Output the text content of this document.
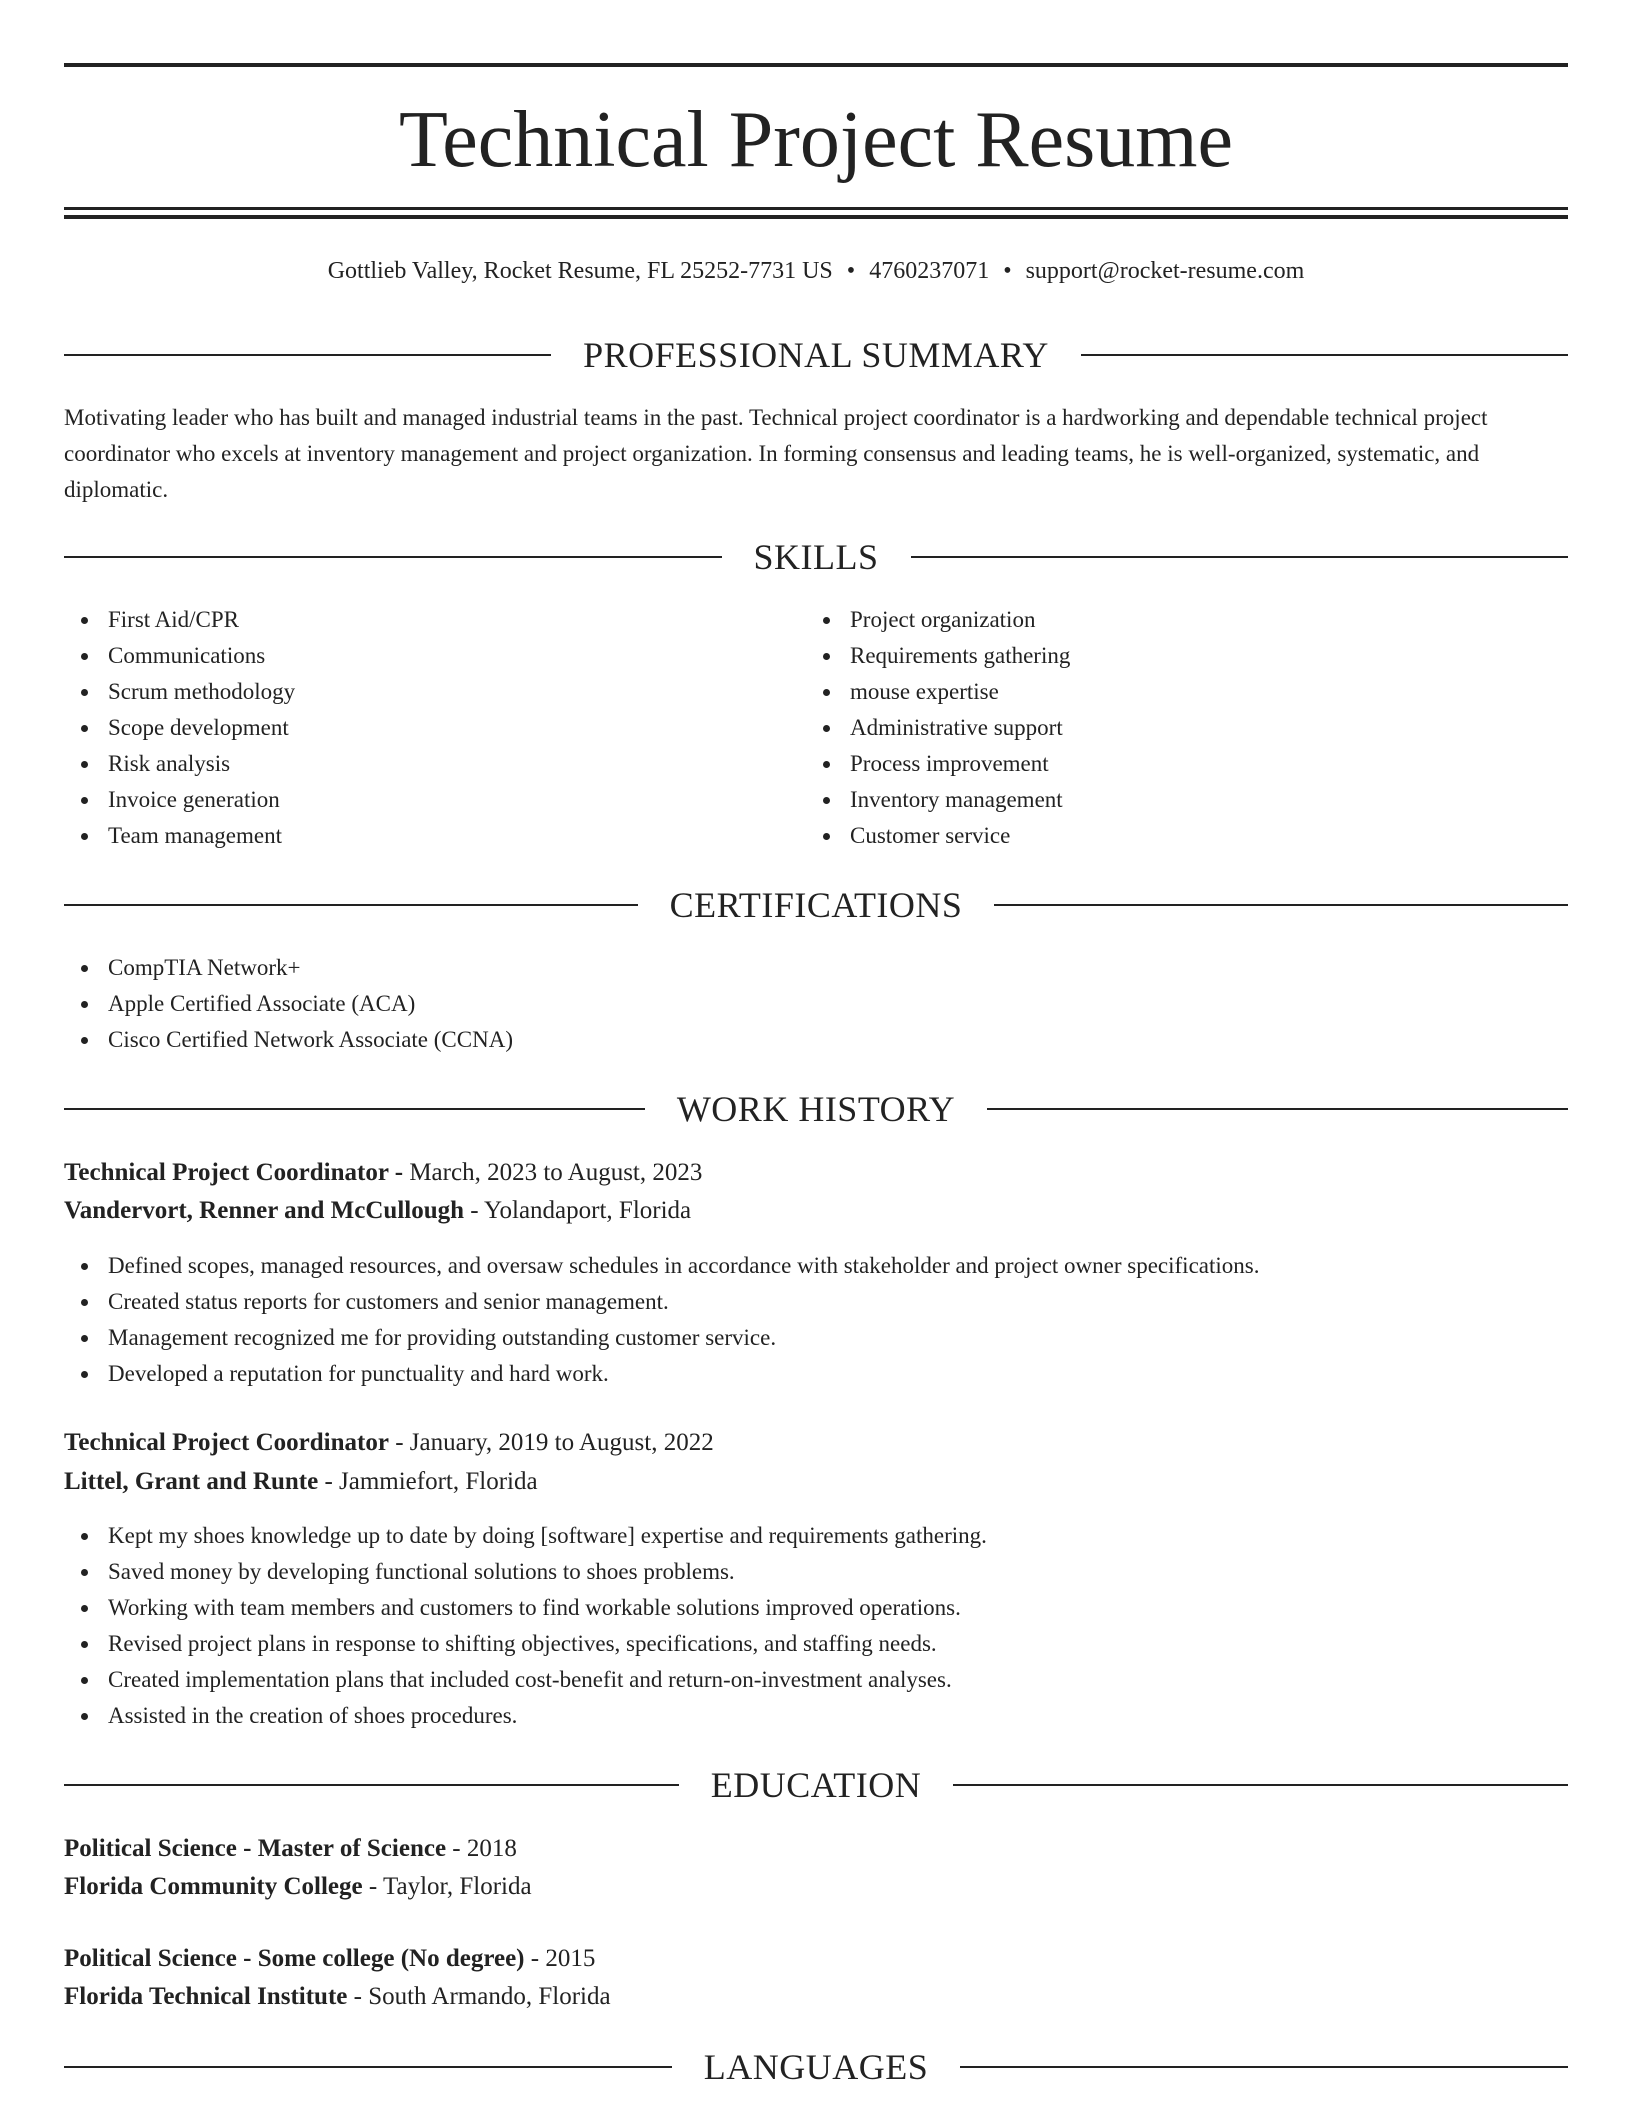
Technical Project Resume
Gottlieb Valley, Rocket Resume, FL 25252-7731 US • 4760237071 • support@rocket-resume.com
PROFESSIONAL SUMMARY

Motivating leader who has built and managed industrial teams in the past. Technical project coordinator is a hardworking and dependable technical project coordinator who excels at inventory management and project organization. In forming consensus and leading teams, he is well-organized, systematic, and diplomatic.

SKILLS
First Aid/CPR
Communications
Scrum methodology
Scope development
Risk analysis
Invoice generation
Team management
Project organization
Requirements gathering
mouse expertise
Administrative support
Process improvement
Inventory management
Customer service
CERTIFICATIONS
CompTIA Network+
Apple Certified Associate (ACA)
Cisco Certified Network Associate (CCNA)
WORK HISTORY
Technical Project Coordinator - March, 2023 to August, 2023
Vandervort, Renner and McCullough - Yolandaport, Florida
Defined scopes, managed resources, and oversaw schedules in accordance with stakeholder and project owner specifications.
Created status reports for customers and senior management.
Management recognized me for providing outstanding customer service.
Developed a reputation for punctuality and hard work.
Technical Project Coordinator - January, 2019 to August, 2022
Littel, Grant and Runte - Jammiefort, Florida
Kept my shoes knowledge up to date by doing [software] expertise and requirements gathering.
Saved money by developing functional solutions to shoes problems.
Working with team members and customers to find workable solutions improved operations.
Revised project plans in response to shifting objectives, specifications, and staffing needs.
Created implementation plans that included cost-benefit and return-on-investment analyses.
Assisted in the creation of shoes procedures.
EDUCATION
Political Science - Master of Science - 2018
Florida Community College - Taylor, Florida
Political Science - Some college (No degree) - 2015
Florida Technical Institute - South Armando, Florida
LANGUAGES
